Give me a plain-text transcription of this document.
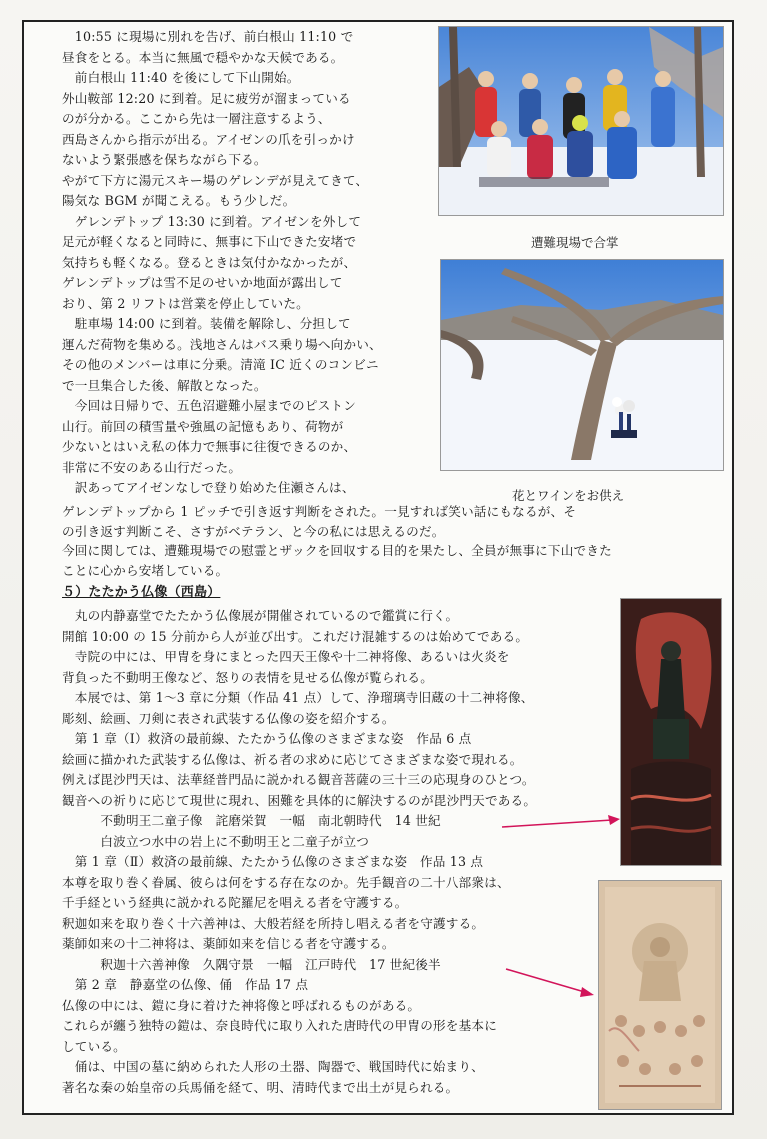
　10:55 に現場に別れを告げ、前白根山 11:10 で
昼食をとる。本当に無風で穏やかな天候である。
　前白根山 11:40 を後にして下山開始。
外山鞍部 12:20 に到着。足に疲労が溜まっている
のが分かる。ここから先は一層注意するよう、
西島さんから指示が出る。アイゼンの爪を引っかけ
ないよう緊張感を保ちながら下る。
やがて下方に湯元スキー場のゲレンデが見えてきて、
陽気な BGM が聞こえる。もう少しだ。
　ゲレンデトップ 13:30 に到着。アイゼンを外して
足元が軽くなると同時に、無事に下山できた安堵で
気持ちも軽くなる。登るときは気付かなかったが、
ゲレンデトップは雪不足のせいか地面が露出して
おり、第 2 リフトは営業を停止していた。
　駐車場 14:00 に到着。装備を解除し、分担して
運んだ荷物を集める。浅地さんはバス乗り場へ向かい、
その他のメンバーは車に分乗。清滝 IC 近くのコンビニ
で一旦集合した後、解散となった。
　今回は日帰りで、五色沼避難小屋までのピストン
山行。前回の積雪量や強風の記憶もあり、荷物が
少ないとはいえ私の体力で無事に往復できるのか、
非常に不安のある山行だった。
　訳あってアイゼンなしで登り始めた住瀬さんは、
ゲレンデトップから 1 ピッチで引き返す判断をされた。一見すれば笑い話にもなるが、そ
の引き返す判断こそ、さすがベテラン、と今の私には思えるのだ。
今回に関しては、遭難現場での慰霊とザックを回収する目的を果たし、全員が無事に下山できた
ことに心から安堵している。
５）たたかう仏像（西島）
　丸の内静嘉堂でたたかう仏像展が開催されているので鑑賞に行く。
開館 10:00 の 15 分前から人が並び出す。これだけ混雑するのは始めてである。
　寺院の中には、甲冑を身にまとった四天王像や十二神将像、あるいは火炎を
背負った不動明王像など、怒りの表情を見せる仏像が覧られる。
　本展では、第 1～3 章に分類（作品 41 点）して、浄瑠璃寺旧蔵の十二神将像、
彫刻、絵画、刀剣に表され武装する仏像の姿を紹介する。
　第 1 章（Ⅰ）救済の最前線、たたかう仏像のさまざまな姿　作品 6 点
絵画に描かれた武装する仏像は、祈る者の求めに応じてさまざまな姿で現れる。
例えば毘沙門天は、法華経普門品に説かれる観音菩薩の三十三の応現身のひとつ。
観音への祈りに応じて現世に現れ、困難を具体的に解決するのが毘沙門天である。
　　　不動明王二童子像　詫磨栄賀　一幅　南北朝時代　14 世紀
　　　白波立つ水中の岩上に不動明王と二童子が立つ
　第 1 章（Ⅱ）救済の最前線、たたかう仏像のさまざまな姿　作品 13 点
本尊を取り巻く眷属、彼らは何をする存在なのか。先手観音の二十八部衆は、
千手経という経典に説かれる陀羅尼を唱える者を守護する。
釈迦如来を取り巻く十六善神は、大般若経を所持し唱える者を守護する。
薬師如来の十二神将は、薬師如来を信じる者を守護する。
　　　釈迦十六善神像　久隅守景　一幅　江戸時代　17 世紀後半
　第 2 章　静嘉堂の仏像、俑　作品 17 点
仏像の中には、鎧に身に着けた神将像と呼ばれるものがある。
これらが纏う独特の鎧は、奈良時代に取り入れた唐時代の甲冑の形を基本に
している。
　俑は、中国の墓に納められた人形の土器、陶器で、戦国時代に始まり、
著名な秦の始皇帝の兵馬俑を経て、明、清時代まで出土が見られる。
遭難現場で合掌
花とワインをお供え
